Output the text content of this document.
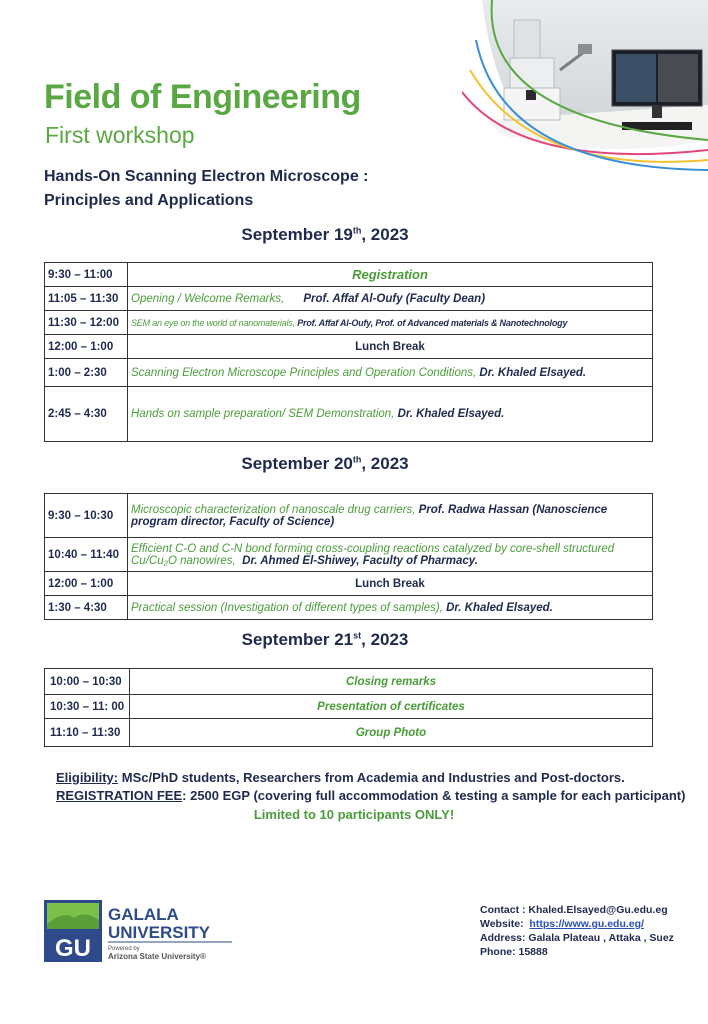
Field of Engineering
First workshop
Hands-On Scanning Electron Microscope :
Principles and Applications
September 19th, 2023
9:30 – 11:00	Registration
11:05 – 11:30	Opening / Welcome Remarks, Prof. Affaf Al-Oufy (Faculty Dean)
11:30 – 12:00	SEM an eye on the world of nanomaterials, Prof. Affaf Al-Oufy, Prof. of Advanced materials & Nanotechnology
12:00 – 1:00	Lunch Break
1:00 – 2:30	Scanning Electron Microscope Principles and Operation Conditions, Dr. Khaled Elsayed.
2:45 – 4:30	Hands on sample preparation/ SEM Demonstration, Dr. Khaled Elsayed.
September 20th, 2023
9:30 – 10:30	Microscopic characterization of nanoscale drug carriers, Prof. Radwa Hassan (Nanoscience program director, Faculty of Science)
10:40 – 11:40	Efficient C-O and C-N bond forming cross-coupling reactions catalyzed by core-shell structured Cu/Cu₂O nanowires, Dr. Ahmed El-Shiwey, Faculty of Pharmacy.
12:00 – 1:00	Lunch Break
1:30 – 4:30	Practical session (Investigation of different types of samples), Dr. Khaled Elsayed.
September 21st, 2023
10:00 – 10:30	Closing remarks
10:30 – 11: 00	Presentation of certificates
11:10 – 11:30	Group Photo
Eligibility: MSc/PhD students, Researchers from Academia and Industries and Post-doctors.
REGISTRATION FEE: 2500 EGP (covering full accommodation & testing a sample for each participant)
Limited to 10 participants ONLY!
GU
GALALA
UNIVERSITY
Powered by
Arizona State University®
Contact : Khaled.Elsayed@Gu.edu.eg
Website: https://www.gu.edu.eg/
Address: Galala Plateau , Attaka , Suez
Phone: 15888
